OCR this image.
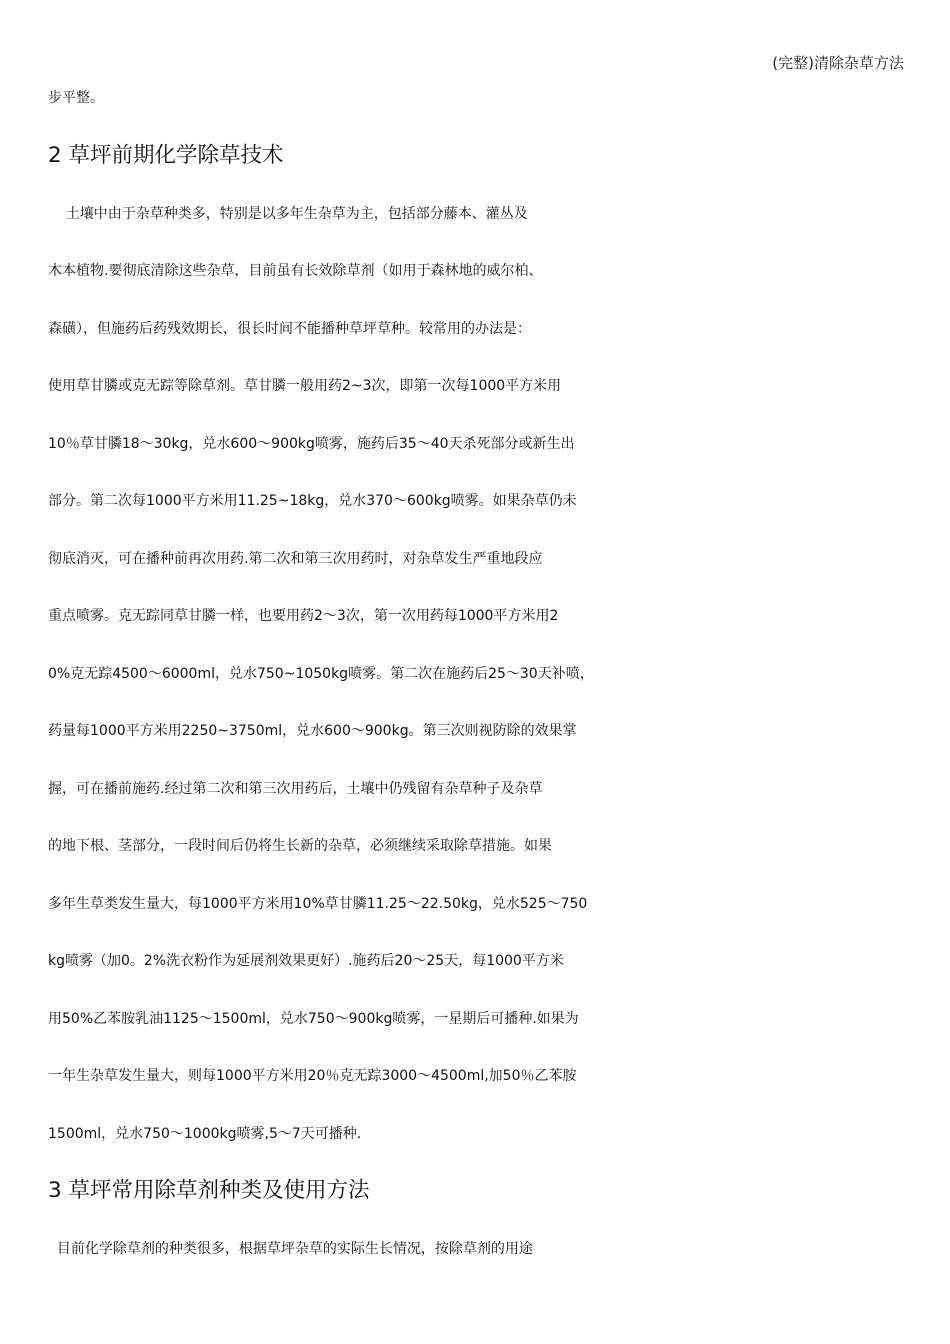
(完整)清除杂草方法
步平整。
2 草坪前期化学除草技术
土壤中由于杂草种类多，特别是以多年生杂草为主，包括部分藤本、灌丛及
木本植物.要彻底清除这些杂草，目前虽有长效除草剂（如用于森林地的威尔柏、
森磺），但施药后药残效期长，很长时间不能播种草坪草种。较常用的办法是：
使用草甘膦或克无踪等除草剂。草甘膦一般用药2~3次，即第一次每1000平方米用
10％草甘膦18～30kg，兑水600～900kg喷雾，施药后35～40天杀死部分或新生出
部分。第二次每1000平方米用11.25~18kg，兑水370～600kg喷雾。如果杂草仍未
彻底消灭，可在播种前再次用药.第二次和第三次用药时，对杂草发生严重地段应
重点喷雾。克无踪同草甘膦一样，也要用药2～3次，第一次用药每1000平方米用2
0%克无踪4500～6000ml，兑水750~1050kg喷雾。第二次在施药后25～30天补喷，
药量每1000平方米用2250~3750ml，兑水600～900kg。第三次则视防除的效果掌
握，可在播前施药.经过第二次和第三次用药后，土壤中仍残留有杂草种子及杂草
的地下根、茎部分，一段时间后仍将生长新的杂草，必须继续采取除草措施。如果
多年生草类发生量大，每1000平方米用10%草甘膦11.25～22.50kg，兑水525～750
kg喷雾（加0。2%洗衣粉作为延展剂效果更好）.施药后20～25天，每1000平方米
用50%乙苯胺乳油1125～1500ml，兑水750～900kg喷雾，一星期后可播种.如果为
一年生杂草发生量大，则每1000平方米用20％克无踪3000～4500ml,加50％乙苯胺
1500ml，兑水750～1000kg喷雾,5～7天可播种.
3 草坪常用除草剂种类及使用方法
目前化学除草剂的种类很多，根据草坪杂草的实际生长情况，按除草剂的用途
